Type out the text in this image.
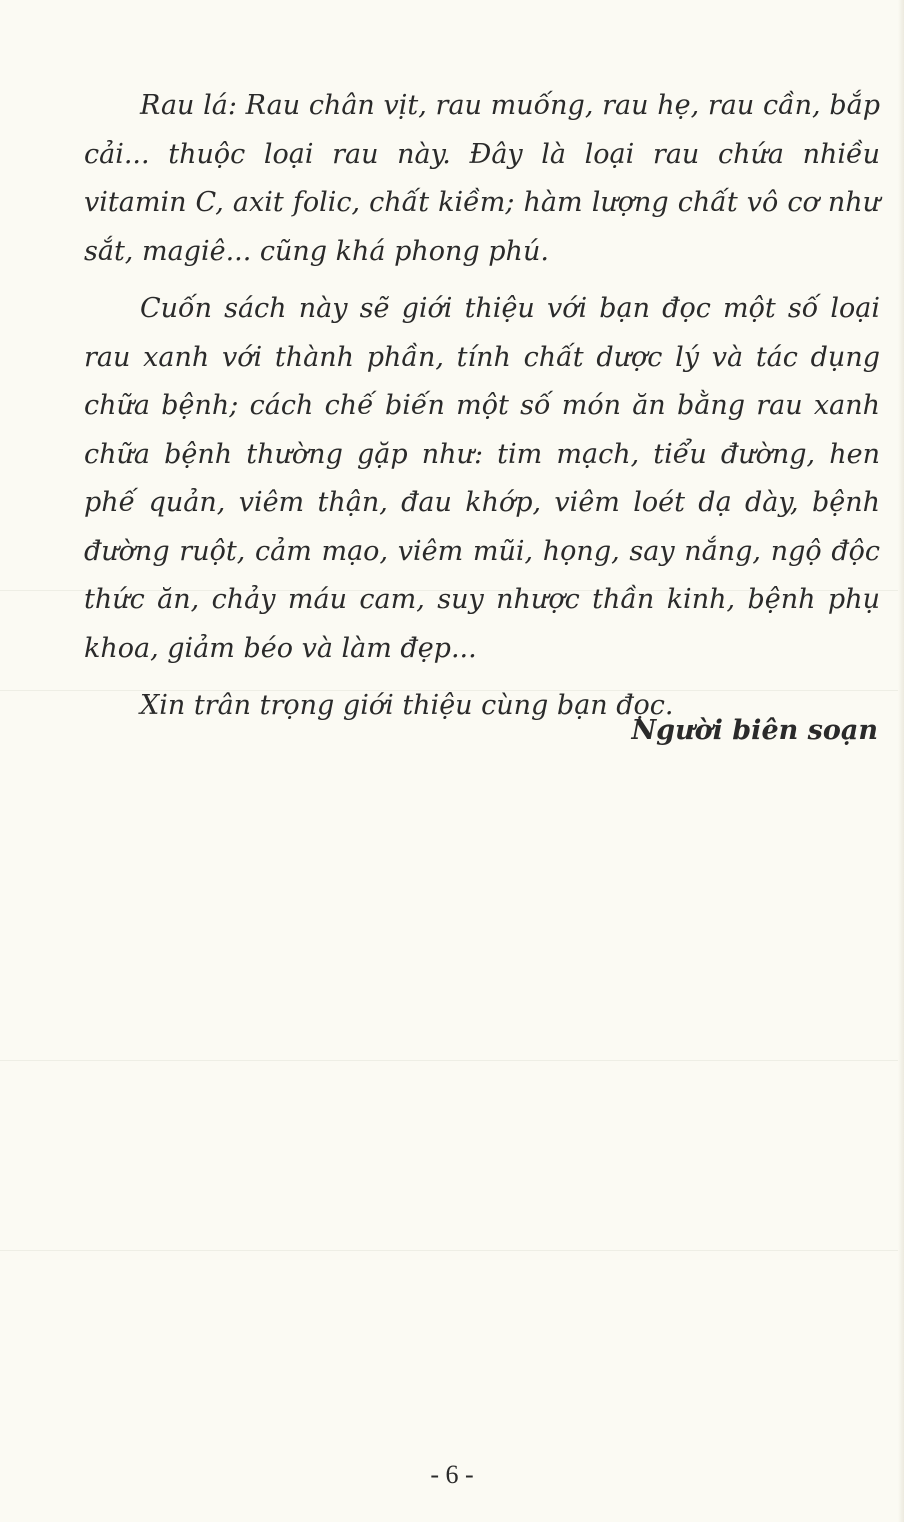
Rau lá: Rau chân vịt, rau muống, rau hẹ, rau cần, bắp cải... thuộc loại rau này. Đây là loại rau chứa nhiều vitamin C, axit folic, chất kiềm; hàm lượng chất vô cơ như sắt, magiê... cũng khá phong phú.

Cuốn sách này sẽ giới thiệu với bạn đọc một số loại rau xanh với thành phần, tính chất dược lý và tác dụng chữa bệnh; cách chế biến một số món ăn bằng rau xanh chữa bệnh thường gặp như: tim mạch, tiểu đường, hen phế quản, viêm thận, đau khớp, viêm loét dạ dày, bệnh đường ruột, cảm mạo, viêm mũi, họng, say nắng, ngộ độc thức ăn, chảy máu cam, suy nhược thần kinh, bệnh phụ khoa, giảm béo và làm đẹp...

Xin trân trọng giới thiệu cùng bạn đọc.

Người biên soạn
- 6 -
